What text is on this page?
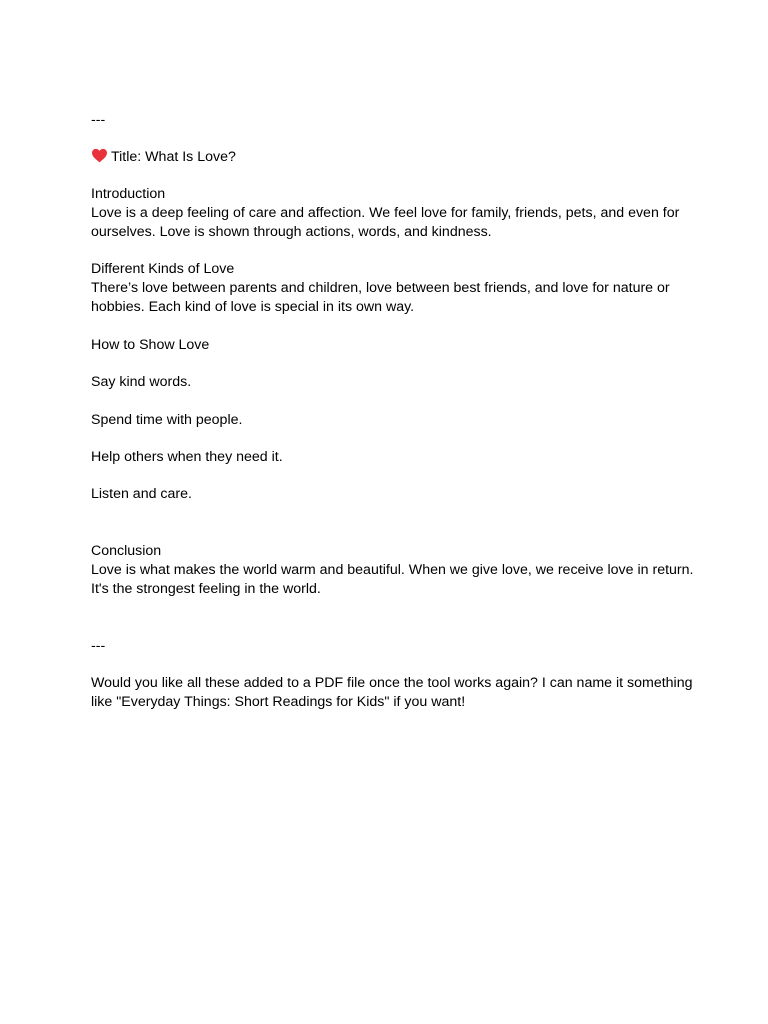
---
Title: What Is Love?
Introduction
Love is a deep feeling of care and affection. We feel love for family, friends, pets, and even for
ourselves. Love is shown through actions, words, and kindness.
Different Kinds of Love
There’s love between parents and children, love between best friends, and love for nature or
hobbies. Each kind of love is special in its own way.
How to Show Love
Say kind words.
Spend time with people.
Help others when they need it.
Listen and care.
Conclusion
Love is what makes the world warm and beautiful. When we give love, we receive love in return.
It's the strongest feeling in the world.
---
Would you like all these added to a PDF file once the tool works again? I can name it something
like "Everyday Things: Short Readings for Kids" if you want!
